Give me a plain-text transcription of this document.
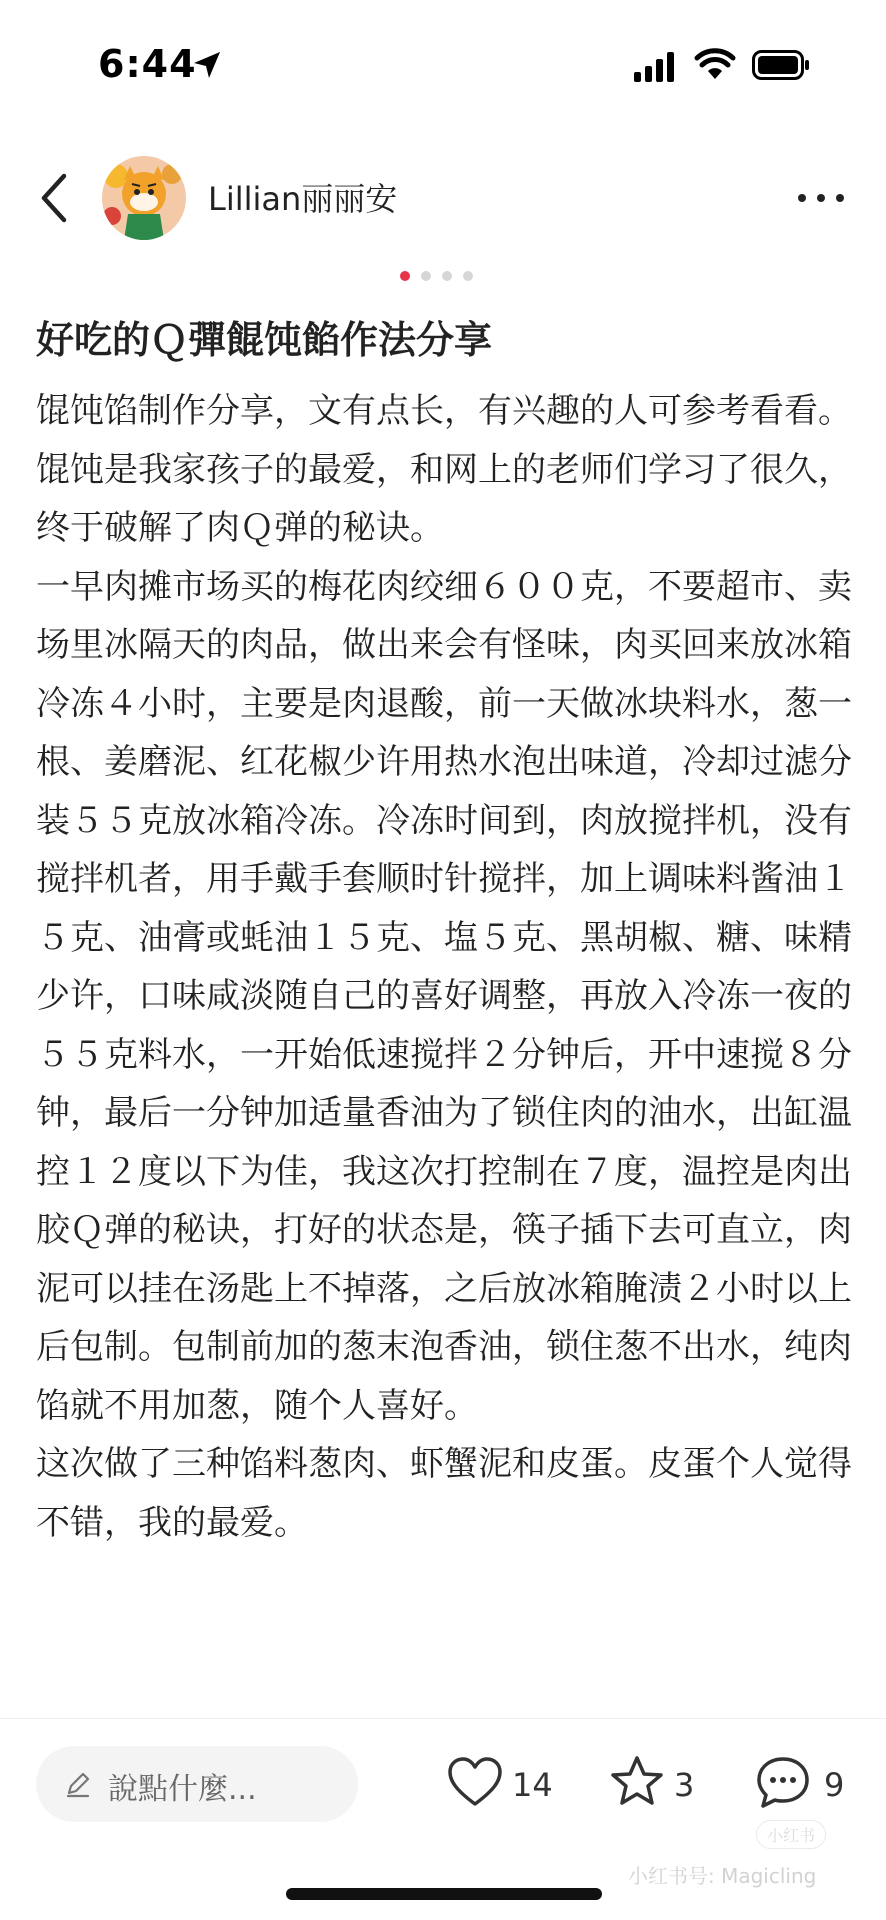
6:44
Lillian丽丽安
好吃的Ｑ彈餛饨餡作法分享

馄饨馅制作分享，文有点长，有兴趣的人可参考看看。

馄饨是我家孩子的最爱，和网上的老师们学习了很久，终于破解了肉Ｑ弹的秘诀。

一早肉摊市场买的梅花肉绞细６００克，不要超市、卖场里冰隔天的肉品，做出来会有怪味，肉买回来放冰箱冷冻４小时，主要是肉退酸，前一天做冰块料水，葱一根、姜磨泥、红花椒少许用热水泡出味道，冷却过滤分装５５克放冰箱冷冻。冷冻时间到，肉放搅拌机，没有搅拌机者，用手戴手套顺时针搅拌，加上调味料酱油１５克、油膏或蚝油１５克、塩５克、黑胡椒、糖、味精少许，口味咸淡随自己的喜好调整，再放入冷冻一夜的５５克料水，一开始低速搅拌２分钟后，开中速搅８分钟，最后一分钟加适量香油为了锁住肉的油水，出缸温控１２度以下为佳，我这次打控制在７度，温控是肉出胶Ｑ弹的秘诀，打好的状态是，筷子插下去可直立，肉泥可以挂在汤匙上不掉落，之后放冰箱腌渍２小时以上后包制。包制前加的葱末泡香油，锁住葱不出水，纯肉馅就不用加葱，随个人喜好。

这次做了三种馅料葱肉、虾蟹泥和皮蛋。皮蛋个人觉得不错，我的最爱。

說點什麼...	14	3	9
小红书
小红书号: Magicling
